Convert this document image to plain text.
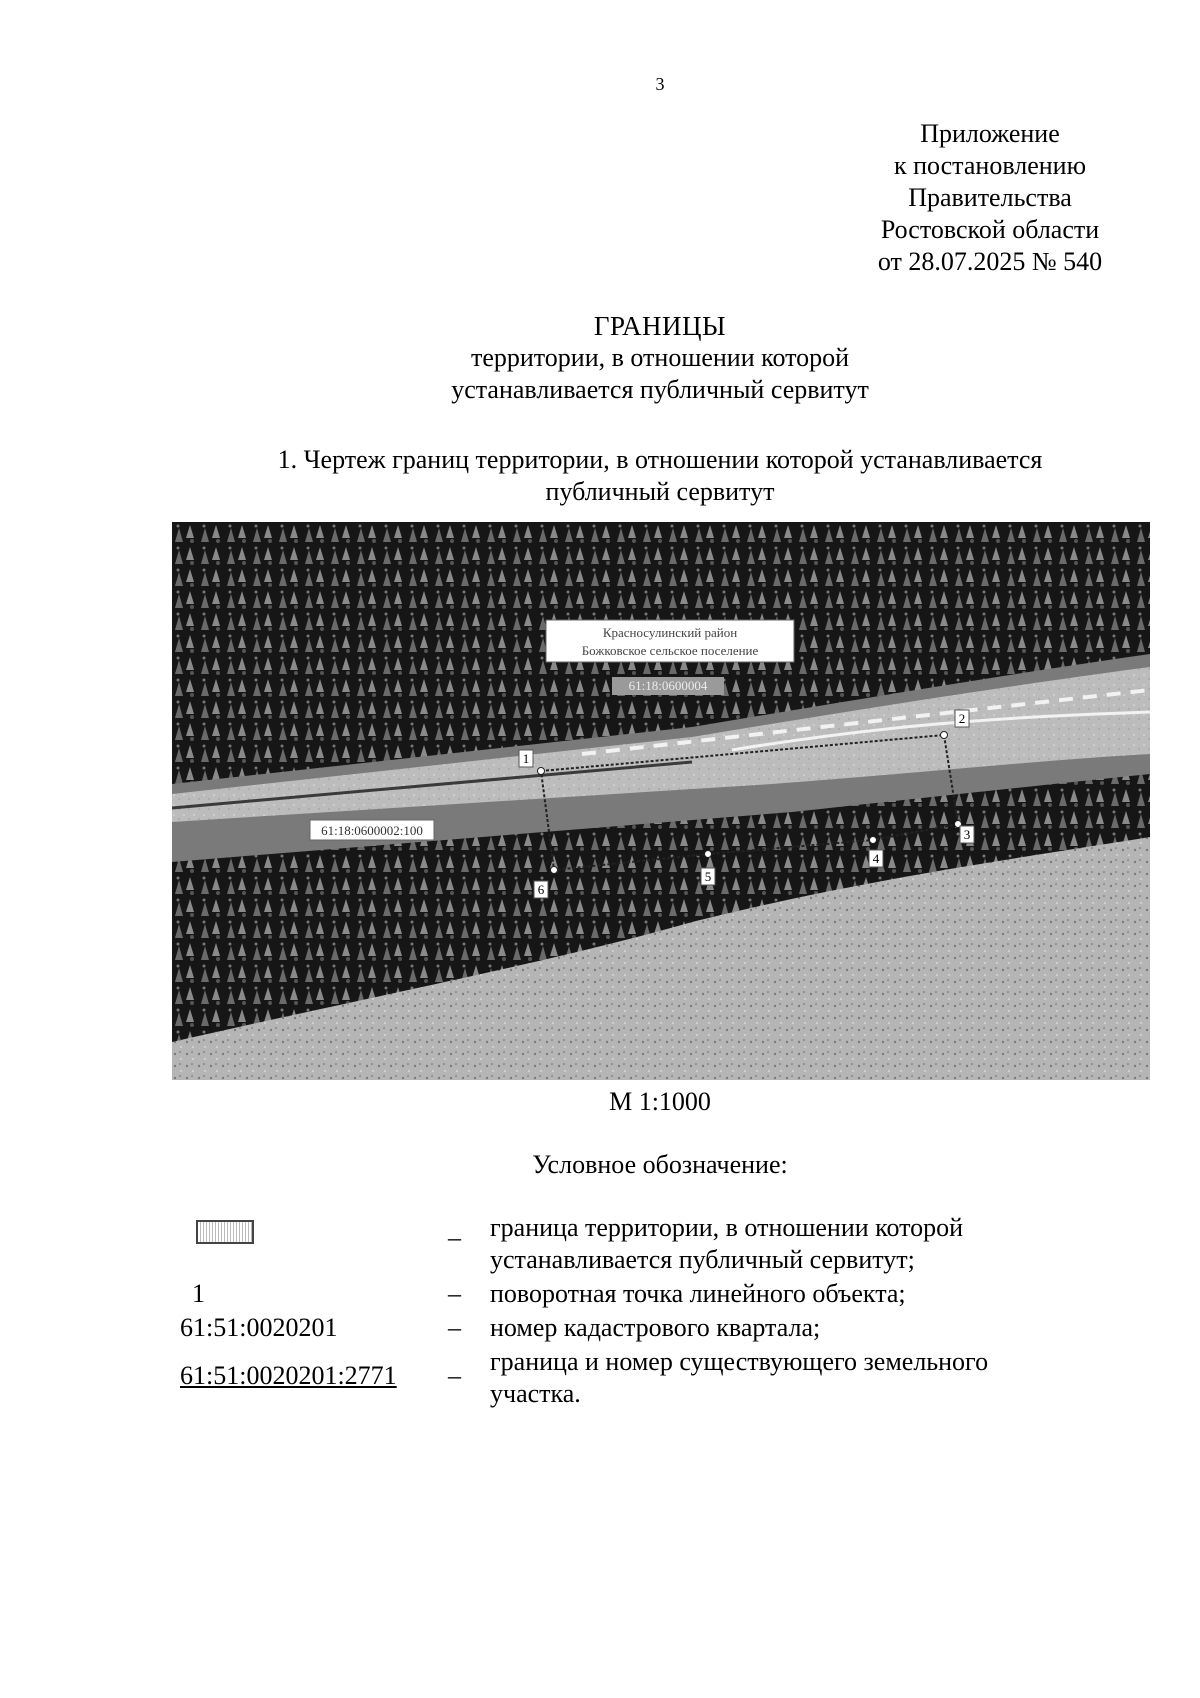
3
Приложение
к постановлению
Правительства
Ростовской области
от 28.07.2025 № 540
ГРАНИЦЫ
территории, в отношении которой
устанавливается публичный сервитут
1. Чертеж границ территории, в отношении которой устанавливается
публичный сервитут
1
2
3
4
5
6
Красносулинский район
Божковское сельское поселение
61:18:0600004
61:18:0600002:100
М 1:1000
Условное обозначение:
– граница территории, в отношении которой
устанавливается публичный сервитут;
1	– поворотная точка линейного объекта;
61:51:0020201	– номер кадастрового квартала;
61:51:0020201:2771	– граница и номер существующего земельного
участка.
